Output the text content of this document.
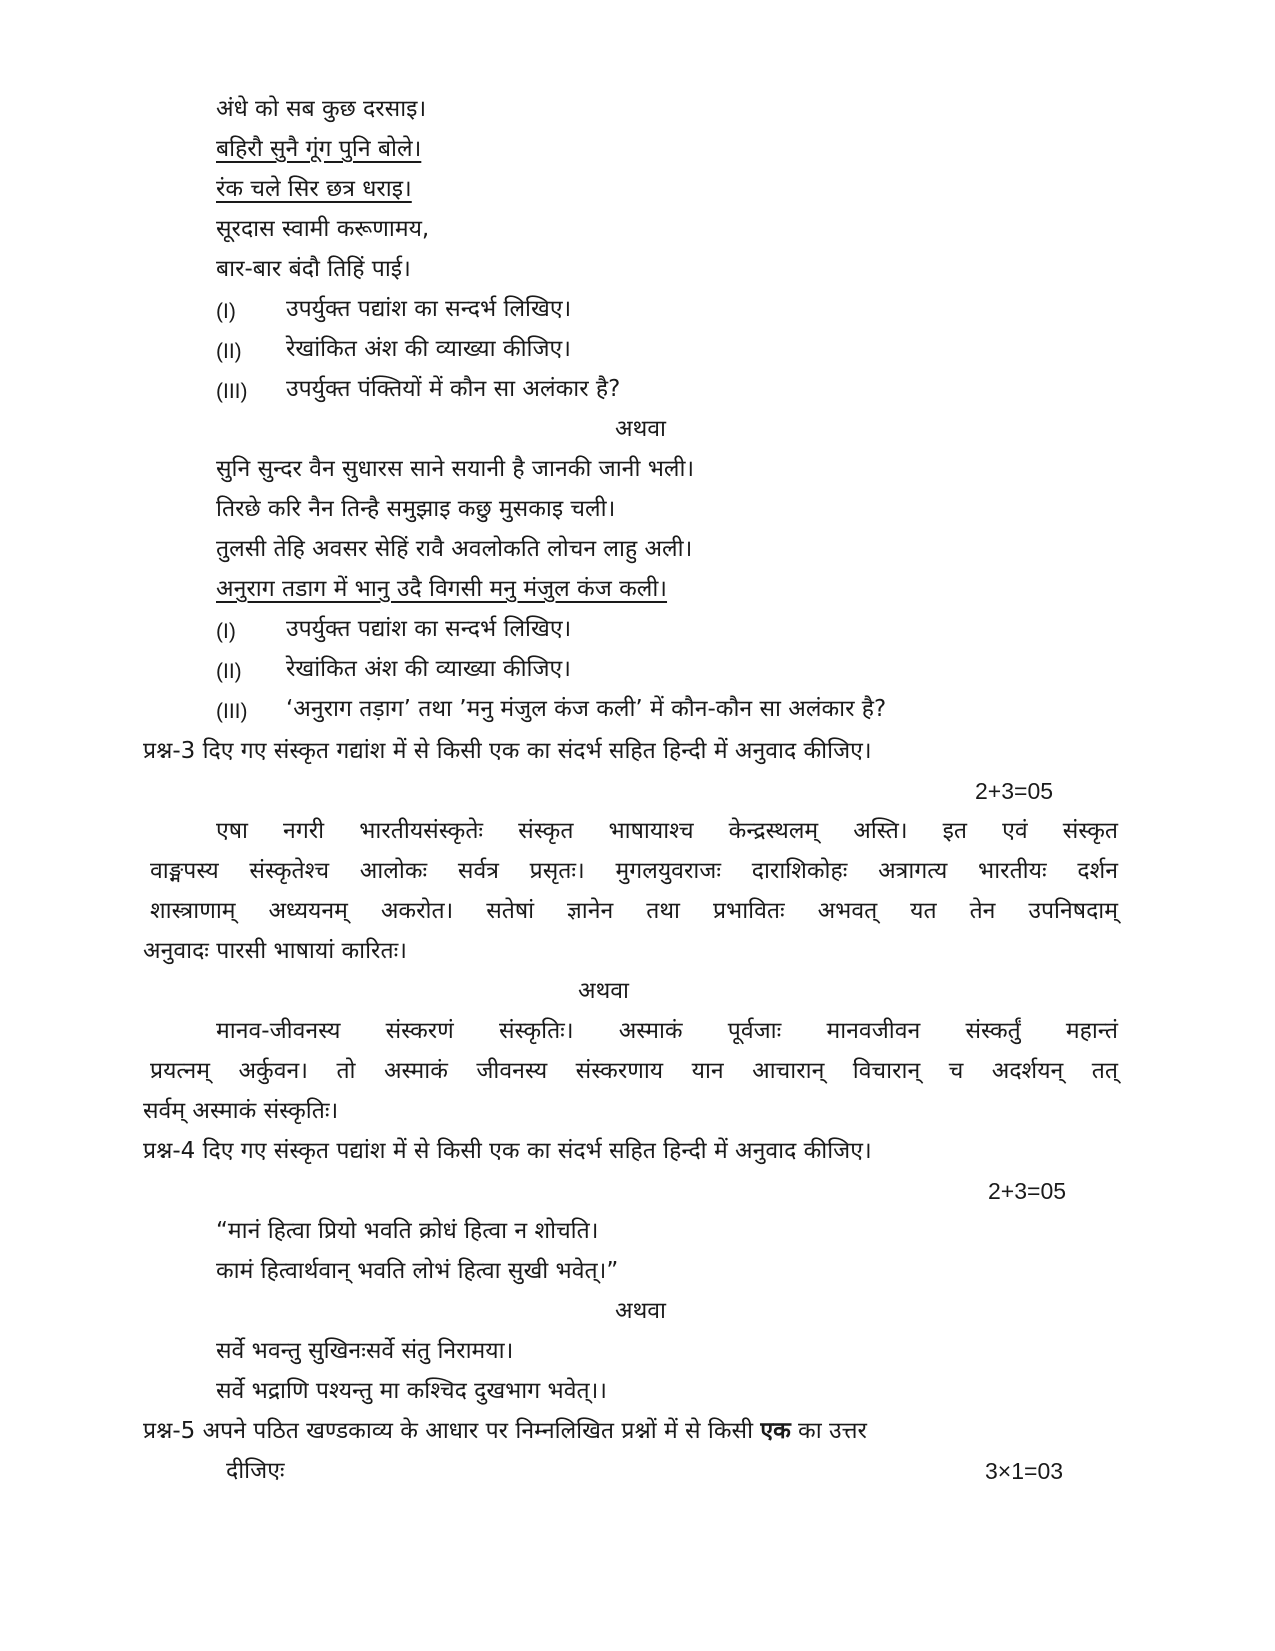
अंधे को सब कुछ दरसाइ।
बहिरौ सुनै गूंग पुनि बोले।
रंक चले सिर छत्र धराइ।
सूरदास स्वामी करूणामय,
बार-बार बंदौ तिहिं पाई।
(I) उपर्युक्त पद्यांश का सन्दर्भ लिखिए।
(II) रेखांकित अंश की व्याख्या कीजिए।
(III) उपर्युक्त पंक्तियों में कौन सा अलंकार है?
अथवा
सुनि सुन्दर वैन सुधारस साने सयानी है जानकी जानी भली।
तिरछे करि नैन तिन्है समुझाइ कछु मुसकाइ चली।
तुलसी तेहि अवसर सेहिं रावै अवलोकति लोचन लाहु अली।
अनुराग तडाग में भानु उदै विगसी मनु मंजुल कंज कली।
(I) उपर्युक्त पद्यांश का सन्दर्भ लिखिए।
(II) रेखांकित अंश की व्याख्या कीजिए।
(III) ‘अनुराग तड़ाग’ तथा ’मनु मंजुल कंज कली’ में कौन-कौन सा अलंकार है?
प्रश्न-3 दिए गए संस्कृत गद्यांश में से किसी एक का संदर्भ सहित हिन्दी में अनुवाद कीजिए।
2+3=05
एषा नगरी भारतीयसंस्कृतेः संस्कृत भाषायाश्च केन्द्रस्थलम् अस्ति। इत एवं संस्कृत
वाङ्मपस्य संस्कृतेश्च आलोकः सर्वत्र प्रसृतः। मुगलयुवराजः दाराशिकोहः अत्रागत्य भारतीयः दर्शन
शास्त्राणाम् अध्ययनम् अकरोत। सतेषां ज्ञानेन तथा प्रभावितः अभवत् यत तेन उपनिषदाम्
अनुवादः पारसी भाषायां कारितः।
अथवा
मानव-जीवनस्य संस्करणं संस्कृतिः। अस्माकं पूर्वजाः मानवजीवन संस्कर्तुं महान्तं
प्रयत्नम् अर्कुवन। तो अस्माकं जीवनस्य संस्करणाय यान आचारान् विचारान् च अदर्शयन् तत्
सर्वम् अस्माकं संस्कृतिः।
प्रश्न-4 दिए गए संस्कृत पद्यांश में से किसी एक का संदर्भ सहित हिन्दी में अनुवाद कीजिए।
2+3=05
“मानं हित्वा प्रियो भवति क्रोधं हित्वा न शोचति।
कामं हित्वार्थवान् भवति लोभं हित्वा सुखी भवेत्।”
अथवा
सर्वे भवन्तु सुखिनःसर्वे संतु निरामया।
सर्वे भद्राणि पश्यन्तु मा कश्चिद दुखभाग भवेत्।।
प्रश्न-5 अपने पठित खण्डकाव्य के आधार पर निम्नलिखित प्रश्नों में से किसी एक का उत्तर
दीजिएः	3×1=03
